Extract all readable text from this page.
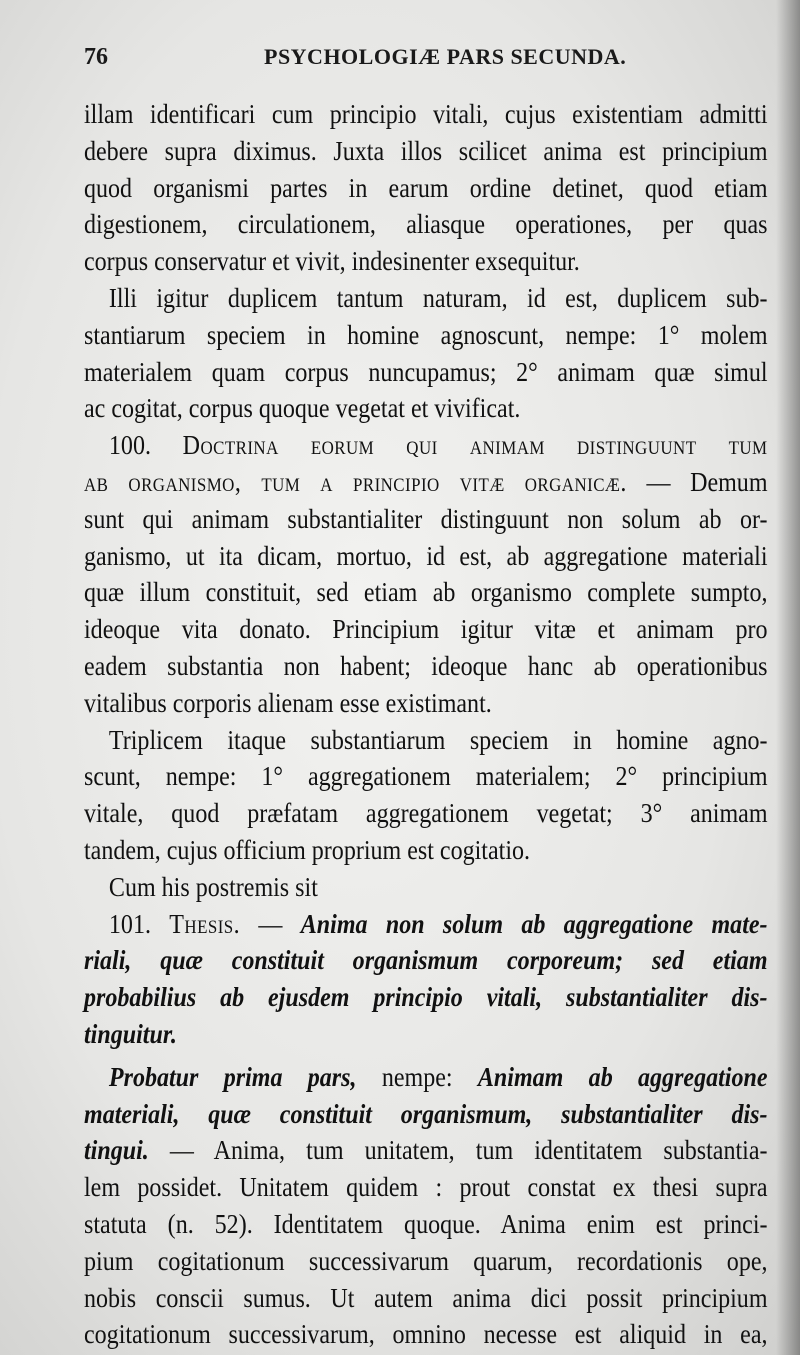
76	PSYCHOLOGIÆ PARS SECUNDA.

illam identificari cum principio vitali, cujus existentiam admitti
debere supra diximus. Juxta illos scilicet anima est principium
quod organismi partes in earum ordine detinet, quod etiam
digestionem, circulationem, aliasque operationes, per quas
corpus conservatur et vivit, indesinenter exsequitur.

Illi igitur duplicem tantum naturam, id est, duplicem sub-
stantiarum speciem in homine agnoscunt, nempe: 1° molem
materialem quam corpus nuncupamus; 2° animam quæ simul
ac cogitat, corpus quoque vegetat et vivificat.

100. Doctrina eorum qui animam distinguunt tum
ab organismo, tum a principio vitæ organicæ. — Demum
sunt qui animam substantialiter distinguunt non solum ab or-
ganismo, ut ita dicam, mortuo, id est, ab aggregatione materiali
quæ illum constituit, sed etiam ab organismo complete sumpto,
ideoque vita donato. Principium igitur vitæ et animam pro
eadem substantia non habent; ideoque hanc ab operationibus
vitalibus corporis alienam esse existimant.

Triplicem itaque substantiarum speciem in homine agno-
scunt, nempe: 1° aggregationem materialem; 2° principium
vitale, quod præfatam aggregationem vegetat; 3° animam
tandem, cujus officium proprium est cogitatio.

Cum his postremis sit

101. Thesis. — Anima non solum ab aggregatione mate-
riali, quæ constituit organismum corporeum; sed etiam
probabilius ab ejusdem principio vitali, substantialiter dis-
tinguitur.

Probatur prima pars, nempe: Animam ab aggregatione
materiali, quæ constituit organismum, substantialiter dis-
tingui. — Anima, tum unitatem, tum identitatem substantia-
lem possidet. Unitatem quidem : prout constat ex thesi supra
statuta (n. 52). Identitatem quoque. Anima enim est princi-
pium cogitationum successivarum quarum, recordationis ope,
nobis conscii sumus. Ut autem anima dici possit principium
cogitationum successivarum, omnino necesse est aliquid in ea,
